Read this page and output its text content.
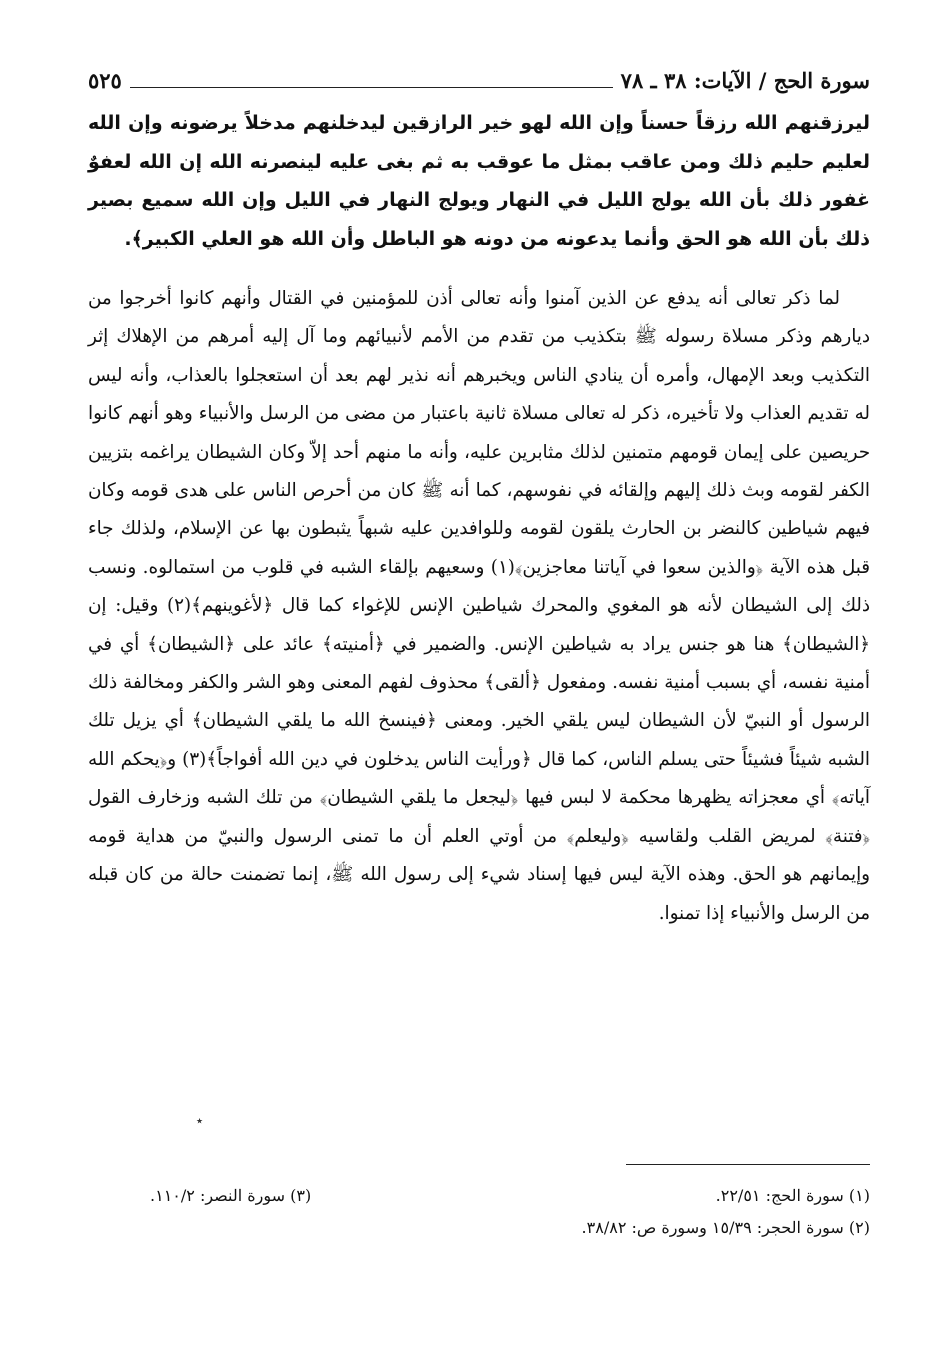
سورة الحج / الآيات: ٣٨ ـ ٧٨
٥٢٥
ليرزقنهم الله رزقاً حسناً وإن الله لهو خير الرازقين ليدخلنهم مدخلاً يرضونه وإن الله لعليم حليم ذلك ومن عاقب بمثل ما عوقب به ثم بغى عليه لينصرنه الله إن الله لعفوٌ غفور ذلك بأن الله يولج الليل في النهار ويولج النهار في الليل وإن الله سميع بصير ذلك بأن الله هو الحق وأنما يدعونه من دونه هو الباطل وأن الله هو العلي الكبير﴾.
لما ذكر تعالى أنه يدفع عن الذين آمنوا وأنه تعالى أذن للمؤمنين في القتال وأنهم كانوا أخرجوا من ديارهم وذكر مسلاة رسوله ﷺ بتكذيب من تقدم من الأمم لأنبيائهم وما آل إليه أمرهم من الإهلاك إثر التكذيب وبعد الإمهال، وأمره أن ينادي الناس ويخبرهم أنه نذير لهم بعد أن استعجلوا بالعذاب، وأنه ليس له تقديم العذاب ولا تأخيره، ذكر له تعالى مسلاة ثانية باعتبار من مضى من الرسل والأنبياء وهو أنهم كانوا حريصين على إيمان قومهم متمنين لذلك مثابرين عليه، وأنه ما منهم أحد إلاّ وكان الشيطان يراغمه بتزيين الكفر لقومه وبث ذلك إليهم وإلقائه في نفوسهم، كما أنه ﷺ كان من أحرص الناس على هدى قومه وكان فيهم شياطين كالنضر بن الحارث يلقون لقومه وللوافدين عليه شبهاً يثبطون بها عن الإسلام، ولذلك جاء قبل هذه الآية ﴿والذين سعوا في آياتنا معاجزين﴾(١) وسعيهم بإلقاء الشبه في قلوب من استمالوه. ونسب ذلك إلى الشيطان لأنه هو المغوي والمحرك شياطين الإنس للإغواء كما قال ﴿لأغوينهم﴾(٢) وقيل: إن ﴿الشيطان﴾ هنا هو جنس يراد به شياطين الإنس. والضمير في ﴿أمنيته﴾ عائد على ﴿الشيطان﴾ أي في أمنية نفسه، أي بسبب أمنية نفسه. ومفعول ﴿ألقى﴾ محذوف لفهم المعنى وهو الشر والكفر ومخالفة ذلك الرسول أو النبيّ لأن الشيطان ليس يلقي الخير. ومعنى ﴿فينسخ الله ما يلقي الشيطان﴾ أي يزيل تلك الشبه شيئاً فشيئاً حتى يسلم الناس، كما قال ﴿ورأيت الناس يدخلون في دين الله أفواجاً﴾(٣) و﴿يحكم الله آياته﴾ أي معجزاته يظهرها محكمة لا لبس فيها ﴿ليجعل ما يلقي الشيطان﴾ من تلك الشبه وزخارف القول ﴿فتنة﴾ لمريض القلب ولقاسيه ﴿وليعلم﴾ من أوتي العلم أن ما تمنى الرسول والنبيّ من هداية قومه وإيمانهم هو الحق. وهذه الآية ليس فيها إسناد شيء إلى رسول الله ﷺ، إنما تضمنت حالة من كان قبله من الرسل والأنبياء إذا تمنوا.
٭
(١) سورة الحج: ٢٢/٥١.
(٣) سورة النصر: ١١٠/٢.
(٢) سورة الحجر: ١٥/٣٩ وسورة ص: ٣٨/٨٢.
